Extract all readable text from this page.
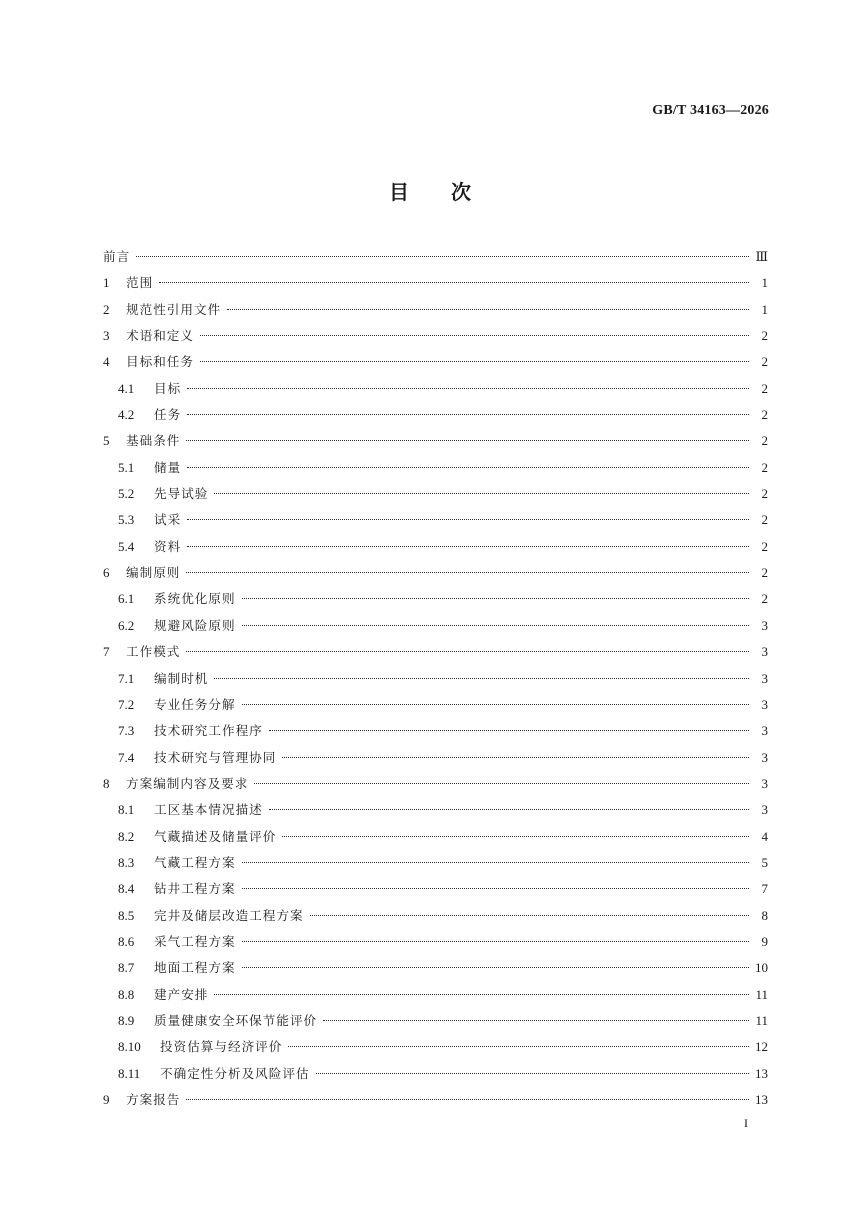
GB/T 34163—2026
目 次
前言	Ⅲ
1	范围	1
2	规范性引用文件	1
3	术语和定义	2
4	目标和任务	2
4.1	目标	2
4.2	任务	2
5	基础条件	2
5.1	储量	2
5.2	先导试验	2
5.3	试采	2
5.4	资料	2
6	编制原则	2
6.1	系统优化原则	2
6.2	规避风险原则	3
7	工作模式	3
7.1	编制时机	3
7.2	专业任务分解	3
7.3	技术研究工作程序	3
7.4	技术研究与管理协同	3
8	方案编制内容及要求	3
8.1	工区基本情况描述	3
8.2	气藏描述及储量评价	4
8.3	气藏工程方案	5
8.4	钻井工程方案	7
8.5	完井及储层改造工程方案	8
8.6	采气工程方案	9
8.7	地面工程方案	10
8.8	建产安排	11
8.9	质量健康安全环保节能评价	11
8.10	投资估算与经济评价	12
8.11	不确定性分析及风险评估	13
9	方案报告	13
I
